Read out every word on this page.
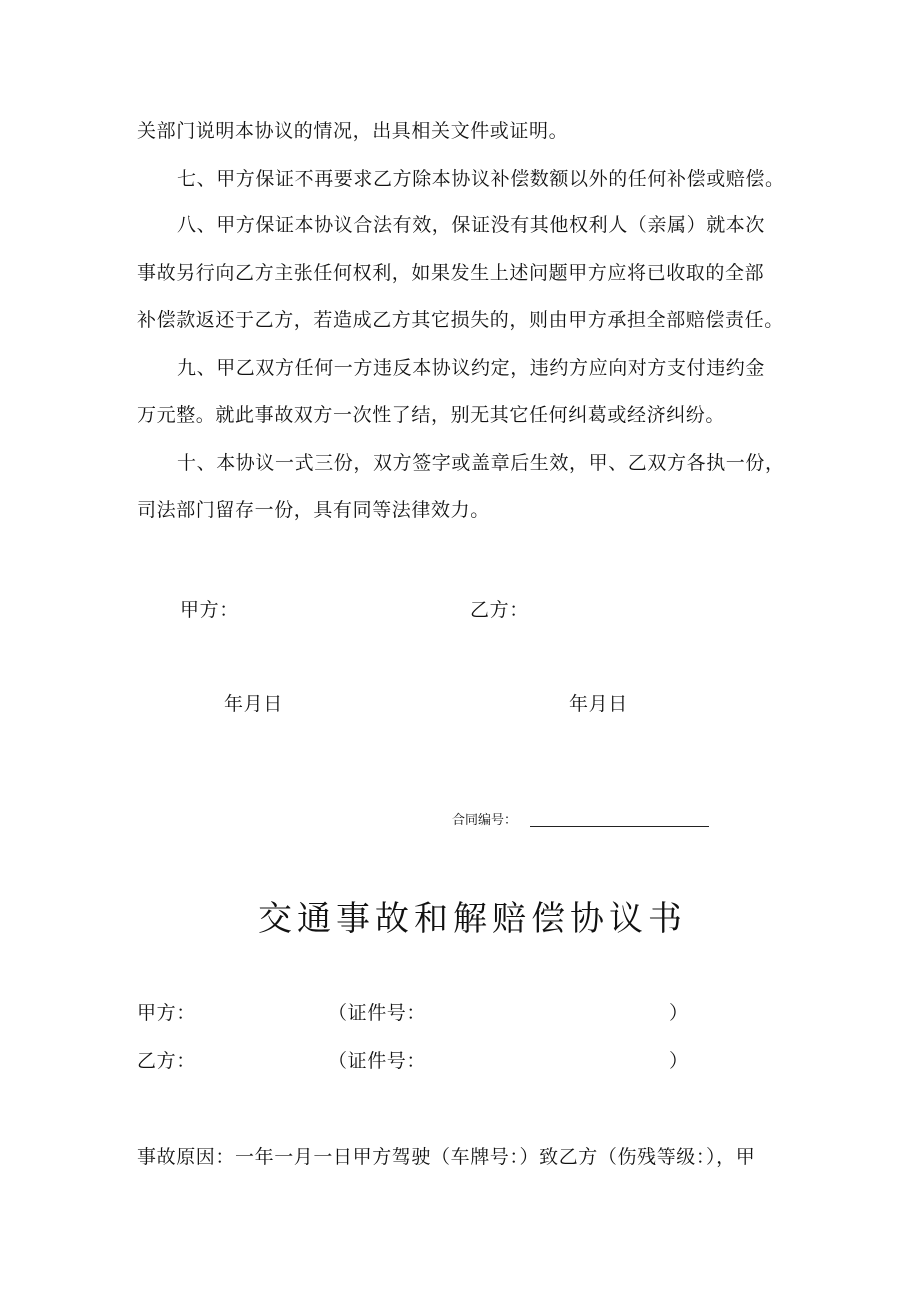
关部门说明本协议的情况，出具相关文件或证明。
七、甲方保证不再要求乙方除本协议补偿数额以外的任何补偿或赔偿。
八、甲方保证本协议合法有效，保证没有其他权利人（亲属）就本次
事故另行向乙方主张任何权利，如果发生上述问题甲方应将已收取的全部
补偿款返还于乙方，若造成乙方其它损失的，则由甲方承担全部赔偿责任。
九、甲乙双方任何一方违反本协议约定，违约方应向对方支付违约金
万元整。就此事故双方一次性了结，别无其它任何纠葛或经济纠纷。
十、本协议一式三份，双方签字或盖章后生效，甲、乙双方各执一份，
司法部门留存一份，具有同等法律效力。
甲方：	乙方：
年月日	年月日
合同编号：
交通事故和解赔偿协议书
甲方：	（证件号：	）
乙方：	（证件号：	）
事故原因：一年一月一日甲方驾驶（车牌号：）致乙方（伤残等级：），甲
